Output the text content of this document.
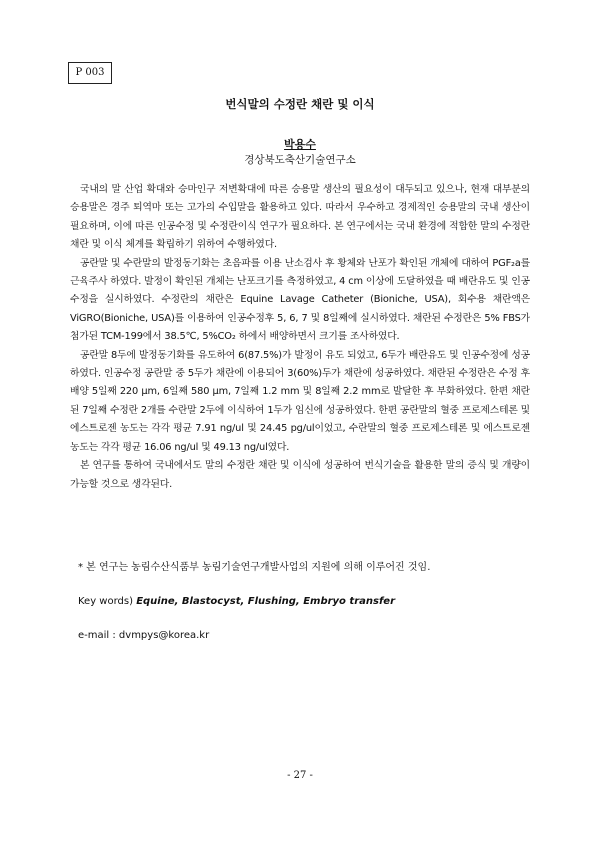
P 003
번식말의 수정란 채란 및 이식
박용수
경상북도축산기술연구소

국내의 말 산업 확대와 승마인구 저변확대에 따른 승용말 생산의 필요성이 대두되고 있으나, 현재 대부분의 승용말은 경주 퇴역마 또는 고가의 수입말을 활용하고 있다. 따라서 우수하고 경제적인 승용말의 국내 생산이 필요하며, 이에 따른 인공수정 및 수정란이식 연구가 필요하다. 본 연구에서는 국내 환경에 적합한 말의 수정란 채란 및 이식 체계를 확립하기 위하여 수행하였다.

공란말 및 수란말의 발정동기화는 초음파를 이용 난소검사 후 황체와 난포가 확인된 개체에 대하여 PGF₂a를 근육주사 하였다. 발정이 확인된 개체는 난포크기를 측정하였고, 4 cm 이상에 도달하였을 때 배란유도 및 인공수정을 실시하였다. 수정란의 채란은 Equine Lavage Catheter (Bioniche, USA), 회수용 채란액은 ViGRO(Bioniche, USA)를 이용하여 인공수정후 5, 6, 7 및 8일째에 실시하였다. 채란된 수정란은 5% FBS가 첨가된 TCM-199에서 38.5℃, 5%CO₂ 하에서 배양하면서 크기를 조사하였다.

공란말 8두에 발정동기화를 유도하여 6(87.5%)가 발정이 유도 되었고, 6두가 배란유도 및 인공수정에 성공하였다. 인공수정 공란말 중 5두가 채란에 이용되어 3(60%)두가 채란에 성공하였다. 채란된 수정란은 수정 후 배양 5일째 220 μm, 6일째 580 μm, 7일째 1.2 mm 및 8일째 2.2 mm로 발달한 후 부화하였다. 한편 채란된 7일째 수정란 2개를 수란말 2두에 이식하여 1두가 임신에 성공하였다. 한편 공란말의 혈중 프로제스테론 및 에스트로젠 농도는 각각 평균 7.91 ng/ul 및 24.45 pg/ul이었고, 수란말의 혈중 프로제스테론 및 에스트로젠 농도는 각각 평균 16.06 ng/ul 및 49.13 ng/ul였다.

본 연구를 통하여 국내에서도 말의 수정란 채란 및 이식에 성공하여 번식기술을 활용한 말의 증식 및 개량이 가능할 것으로 생각된다.

* 본 연구는 농림수산식품부 농림기술연구개발사업의 지원에 의해 이루어진 것임.
Key words) Equine, Blastocyst, Flushing, Embryo transfer
e-mail : dvmpys@korea.kr
- 27 -
